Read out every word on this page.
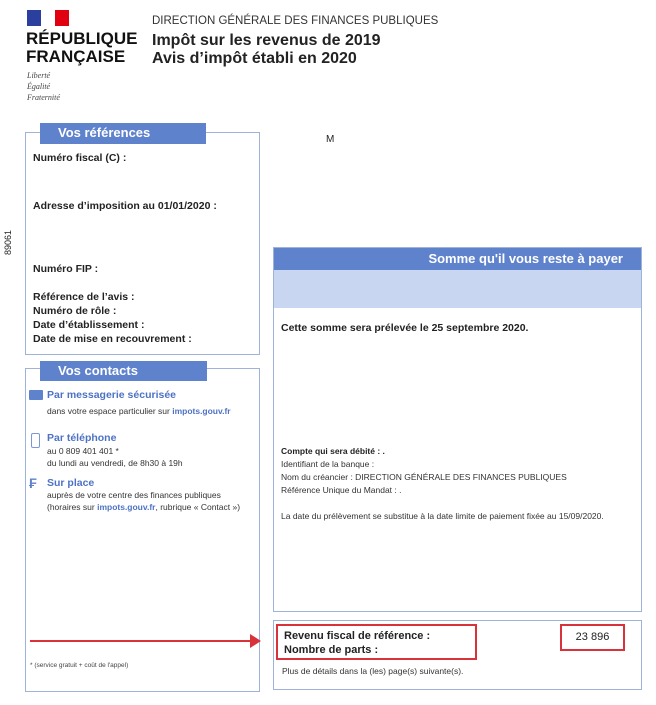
RÉPUBLIQUE
FRANÇAISE
Liberté
Égalité
Fraternité
DIRECTION GÉNÉRALE DES FINANCES PUBLIQUES
Impôt sur les revenus de 2019
Avis d’impôt établi en 2020
89061
M
Vos références
Numéro fiscal (C) :
Adresse d’imposition au 01/01/2020 :
Numéro FIP :
Référence de l’avis :
Numéro de rôle :
Date d’établissement :
Date de mise en recouvrement :
Vos contacts
Par messagerie sécurisée
dans votre espace particulier sur impots.gouv.fr
Par téléphone
au 0 809 401 401 *
du lundi au vendredi, de 8h30 à 19h
₣ Sur place
auprès de votre centre des finances publiques
(horaires sur impots.gouv.fr, rubrique « Contact »)
* (service gratuit + coût de l'appel)
Somme qu'il vous reste à payer
Cette somme sera prélevée le 25 septembre 2020.
Compte qui sera débité : .
Identifiant de la banque :
Nom du créancier : DIRECTION GÉNÉRALE DES FINANCES PUBLIQUES
Référence Unique du Mandat : .
La date du prélèvement se substitue à la date limite de paiement fixée au 15/09/2020.
Revenu fiscal de référence :
Nombre de parts :
23 896
Plus de détails dans la (les) page(s) suivante(s).
